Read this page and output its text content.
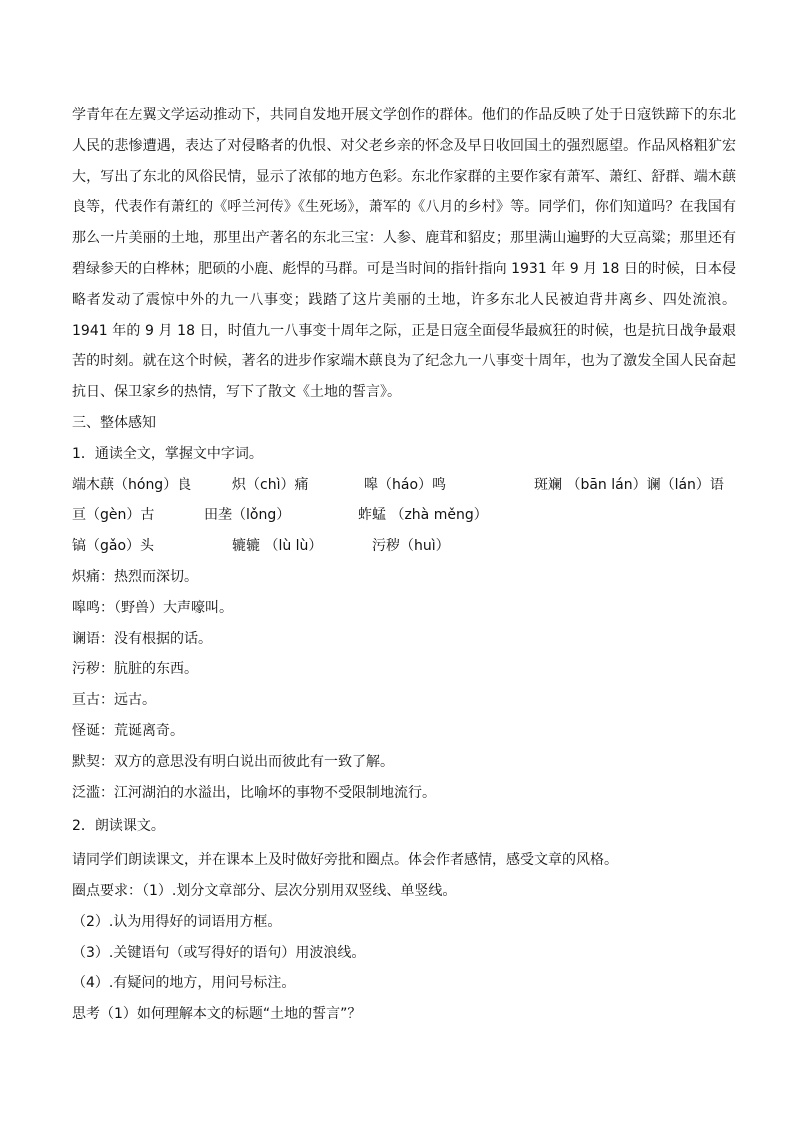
学青年在左翼文学运动推动下，共同自发地开展文学创作的群体。他们的作品反映了处于日寇铁蹄下的东北人民的悲惨遭遇，表达了对侵略者的仇恨、对父老乡亲的怀念及早日收回国土的强烈愿望。作品风格粗犷宏大，写出了东北的风俗民情，显示了浓郁的地方色彩。东北作家群的主要作家有萧军、萧红、舒群、端木蕻良等，代表作有萧红的《呼兰河传》《生死场》，萧军的《八月的乡村》等。同学们，你们知道吗？在我国有那么一片美丽的土地，那里出产著名的东北三宝：人参、鹿茸和貂皮；那里满山遍野的大豆高粱；那里还有碧绿参天的白桦林；肥硕的小鹿、彪悍的马群。可是当时间的指针指向 1931 年 9 月 18 日的时候，日本侵略者发动了震惊中外的九一八事变；践踏了这片美丽的土地，许多东北人民被迫背井离乡、四处流浪。1941 年的 9 月 18 日，时值九一八事变十周年之际，正是日寇全面侵华最疯狂的时候，也是抗日战争最艰苦的时刻。就在这个时候，著名的进步作家端木蕻良为了纪念九一八事变十周年，也为了激发全国人民奋起抗日、保卫家乡的热情，写下了散文《土地的誓言》。

三、整体感知

1．通读全文，掌握文中字词。

端木蕻（hóng）良	炽（chì）痛	嗥（háo）鸣	斑斓 （bān lán）谰（lán）语
亘（gèn）古	田垄（lǒng）	蚱蜢 （zhà měng）
镐（gǎo）头	辘辘 （lù lù）	污秽（huì）

炽痛：热烈而深切。

嗥鸣：（野兽）大声嚎叫。

谰语：没有根据的话。

污秽：肮脏的东西。

亘古：远古。

怪诞：荒诞离奇。

默契：双方的意思没有明白说出而彼此有一致了解。

泛滥：江河湖泊的水溢出，比喻坏的事物不受限制地流行。

2．朗读课文。

请同学们朗读课文，并在课本上及时做好旁批和圈点。体会作者感情，感受文章的风格。

圈点要求：（1）.划分文章部分、层次分别用双竖线、单竖线。

（2）.认为用得好的词语用方框。

（3）.关键语句（或写得好的语句）用波浪线。

（4）.有疑问的地方，用问号标注。

思考（1）如何理解本文的标题“土地的誓言”？
